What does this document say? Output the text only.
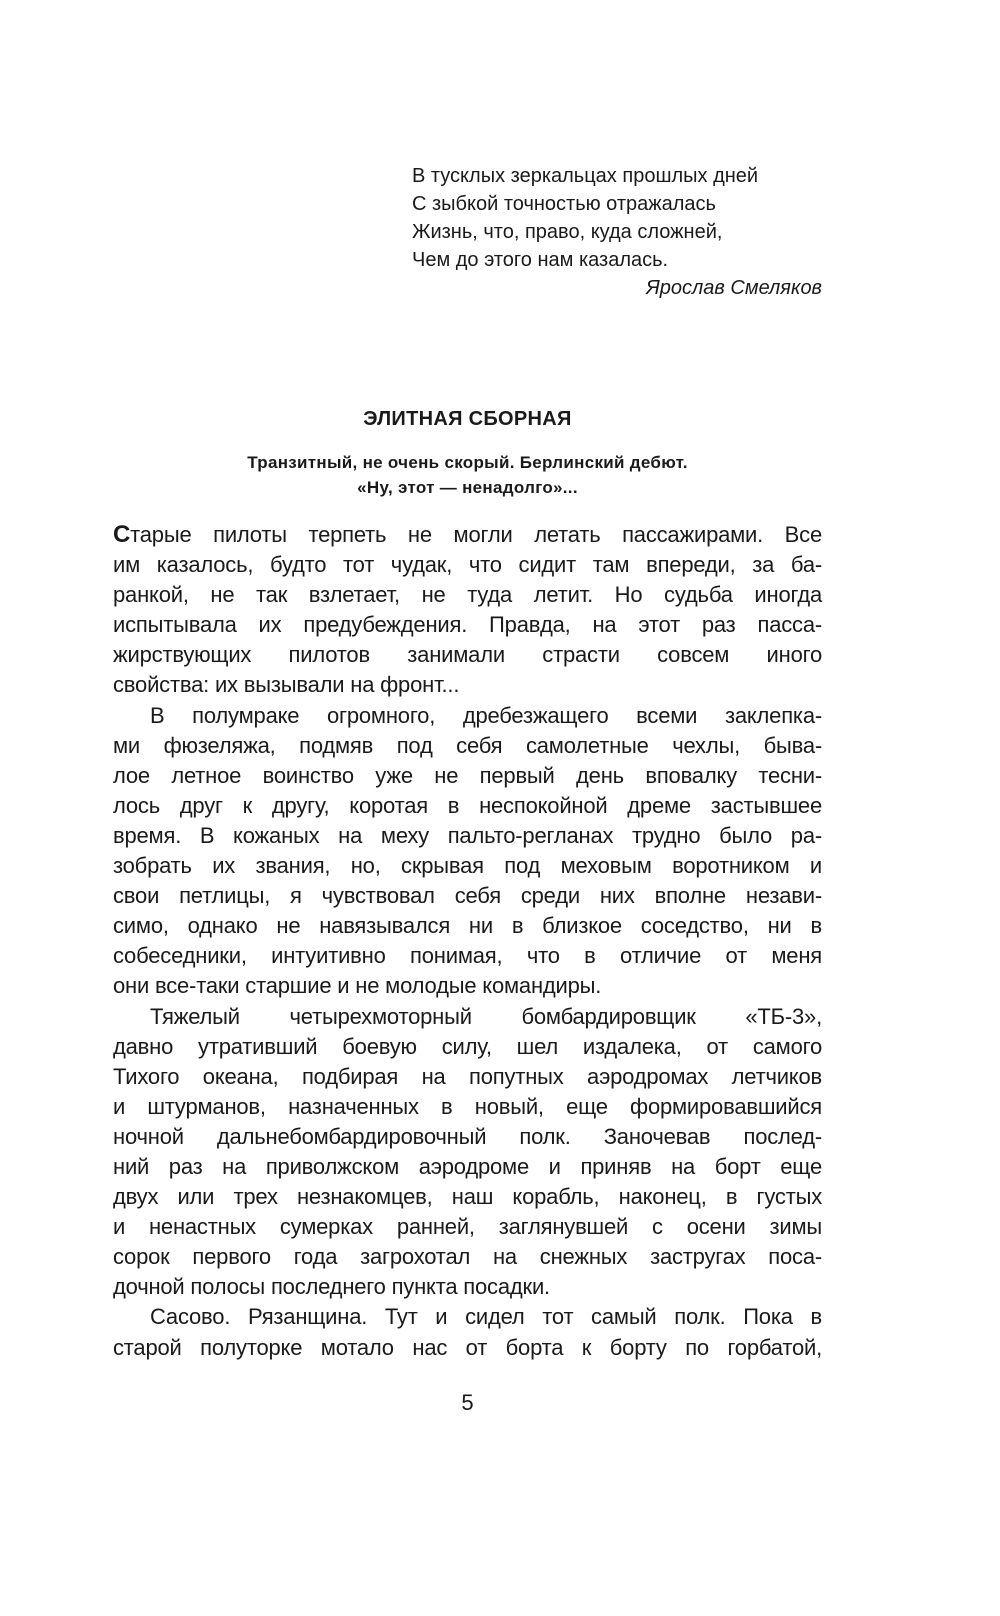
В тусклых зеркальцах прошлых дней
С зыбкой точностью отражалась
Жизнь, что, право, куда сложней,
Чем до этого нам казалась.
Ярослав Смеляков
ЭЛИТНАЯ СБОРНАЯ
Транзитный, не очень скорый. Берлинский дебют.
«Ну, этот — ненадолго»...
Старые пилоты терпеть не могли летать пассажирами. Все
им казалось, будто тот чудак, что сидит там впереди, за ба-
ранкой, не так взлетает, не туда летит. Но судьба иногда
испытывала их предубеждения. Правда, на этот раз пасса-
жирствующих пилотов занимали страсти совсем иного
свойства: их вызывали на фронт...
В полумраке огромного, дребезжащего всеми заклепка-
ми фюзеляжа, подмяв под себя самолетные чехлы, быва-
лое летное воинство уже не первый день вповалку тесни-
лось друг к другу, коротая в неспокойной дреме застывшее
время. В кожаных на меху пальто-регланах трудно было ра-
зобрать их звания, но, скрывая под меховым воротником и
свои петлицы, я чувствовал себя среди них вполне незави-
симо, однако не навязывался ни в близкое соседство, ни в
собеседники, интуитивно понимая, что в отличие от меня
они все-таки старшие и не молодые командиры.
Тяжелый четырехмоторный бомбардировщик «ТБ-3»,
давно утративший боевую силу, шел издалека, от самого
Тихого океана, подбирая на попутных аэродромах летчиков
и штурманов, назначенных в новый, еще формировавшийся
ночной дальнебомбардировочный полк. Заночевав послед-
ний раз на приволжском аэродроме и приняв на борт еще
двух или трех незнакомцев, наш корабль, наконец, в густых
и ненастных сумерках ранней, заглянувшей с осени зимы
сорок первого года загрохотал на снежных застругах поса-
дочной полосы последнего пункта посадки.
Сасово. Рязанщина. Тут и сидел тот самый полк. Пока в
старой полуторке мотало нас от борта к борту по горбатой,
5
